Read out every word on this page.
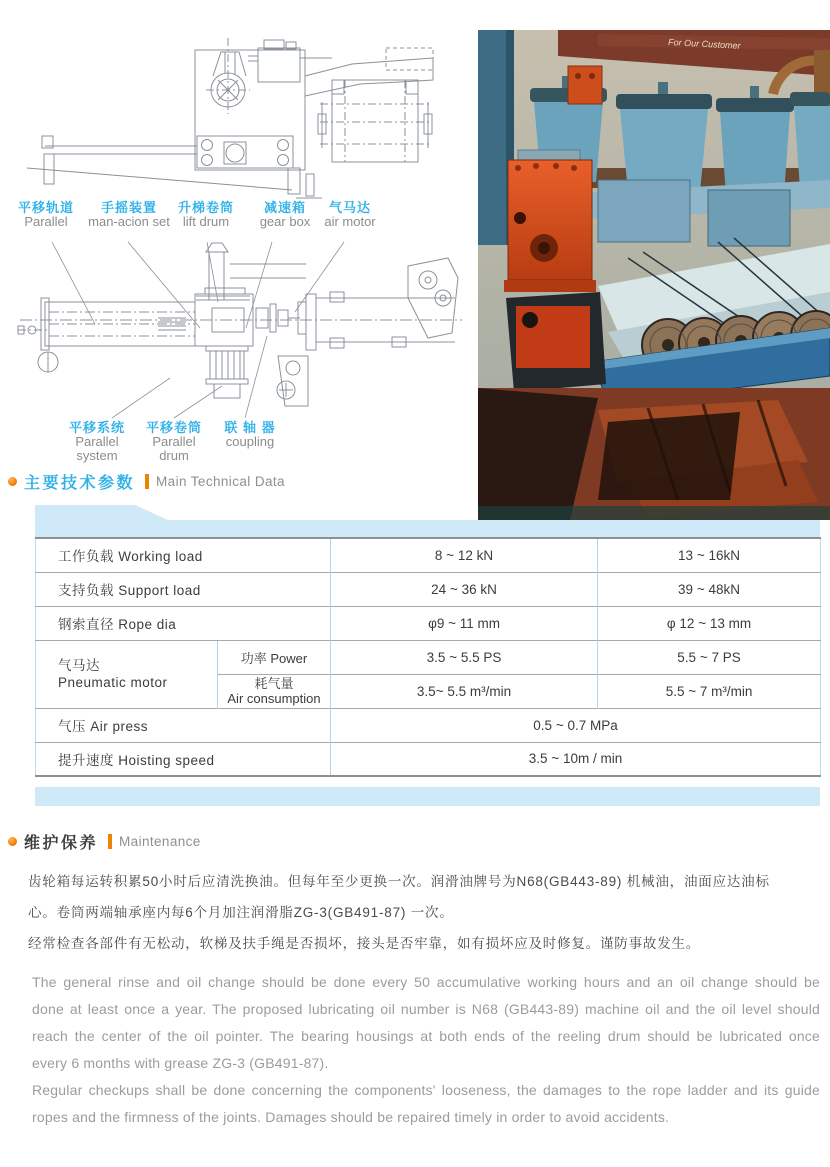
平移轨道
Parallel
手摇装置
man-acion set
升梯卷筒
lift drum
减速箱
gear box
气马达
air motor
平移系统
Parallel system
平移卷筒
Parallel drum
联 轴 器
coupling
For Our Customer
主要技术参数 Main Technical Data
工作负载 Working load		8 ~ 12 kN	13 ~ 16kN
支持负载 Support load		24 ~ 36 kN	39 ~ 48kN
钢索直径 Rope dia		φ9 ~ 11 mm	φ 12 ~ 13 mm
气马达
Pneumatic motor	功率 Power	3.5 ~ 5.5 PS	5.5 ~ 7 PS
	耗气量
Air consumption	3.5~ 5.5 m³/min	5.5 ~ 7 m³/min
气压 Air press		0.5 ~ 0.7 MPa	
提升速度 Hoisting speed		3.5 ~ 10m / min	
维护保养 Maintenance
齿轮箱每运转积累50小时后应清洗换油。但每年至少更换一次。润滑油牌号为N68(GB443-89) 机械油，油面应达油标
心。卷筒两端轴承座内每6个月加注润滑脂ZG-3(GB491-87) 一次。
经常检查各部件有无松动，软梯及扶手绳是否损坏，接头是否牢靠，如有损坏应及时修复。谨防事故发生。
The general rinse and oil change should be done every 50 accumulative working hours and an oil change should be
done at least once a year. The proposed lubricating oil number is N68 (GB443-89) machine oil and the oil level should
reach the center of the oil pointer. The bearing housings at both ends of the reeling drum should be lubricated once
every 6 months with grease ZG-3 (GB491-87).
Regular checkups shall be done concerning the components' looseness, the damages to the rope ladder and its guide
ropes and the firmness of the joints. Damages should be repaired timely in order to avoid accidents.
